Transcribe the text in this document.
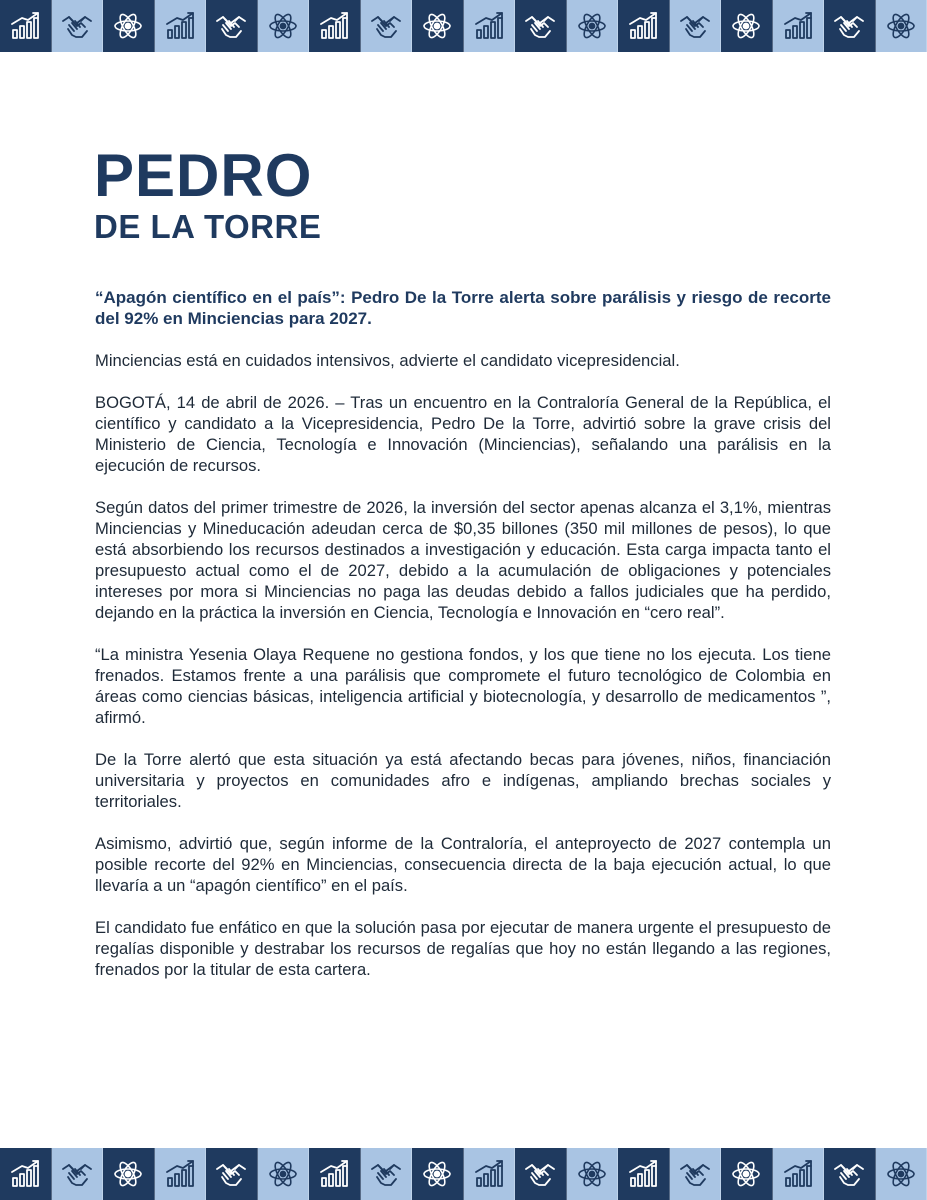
PEDRO
DE LA TORRE

“Apagón científico en el país”: Pedro De la Torre alerta sobre parálisis y riesgo de recorte del 92% en Minciencias para 2027.

Minciencias está en cuidados intensivos, advierte el candidato vicepresidencial.

BOGOTÁ, 14 de abril de 2026. – Tras un encuentro en la Contraloría General de la República, el científico y candidato a la Vicepresidencia, Pedro De la Torre, advirtió sobre la grave crisis del Ministerio de Ciencia, Tecnología e Innovación (Minciencias), señalando una parálisis en la ejecución de recursos.

Según datos del primer trimestre de 2026, la inversión del sector apenas alcanza el 3,1%, mientras Minciencias y Mineducación adeudan cerca de $0,35 billones (350 mil millones de pesos), lo que está absorbiendo los recursos destinados a investigación y educación. Esta carga impacta tanto el presupuesto actual como el de 2027, debido a la acumulación de obligaciones y potenciales intereses por mora si Minciencias no paga las deudas debido a fallos judiciales que ha perdido, dejando en la práctica la inversión en Ciencia, Tecnología e Innovación en “cero real”.

“La ministra Yesenia Olaya Requene no gestiona fondos, y los que tiene no los ejecuta. Los tiene frenados. Estamos frente a una parálisis que compromete el futuro tecnológico de Colombia en áreas como ciencias básicas, inteligencia artificial y biotecnología, y desarrollo de medicamentos ”, afirmó.

De la Torre alertó que esta situación ya está afectando becas para jóvenes, niños, financiación universitaria y proyectos en comunidades afro e indígenas, ampliando brechas sociales y territoriales.

Asimismo, advirtió que, según informe de la Contraloría, el anteproyecto de 2027 contempla un posible recorte del 92% en Minciencias, consecuencia directa de la baja ejecución actual, lo que llevaría a un “apagón científico” en el país.

El candidato fue enfático en que la solución pasa por ejecutar de manera urgente el presupuesto de regalías disponible y destrabar los recursos de regalías que hoy no están llegando a las regiones, frenados por la titular de esta cartera.
